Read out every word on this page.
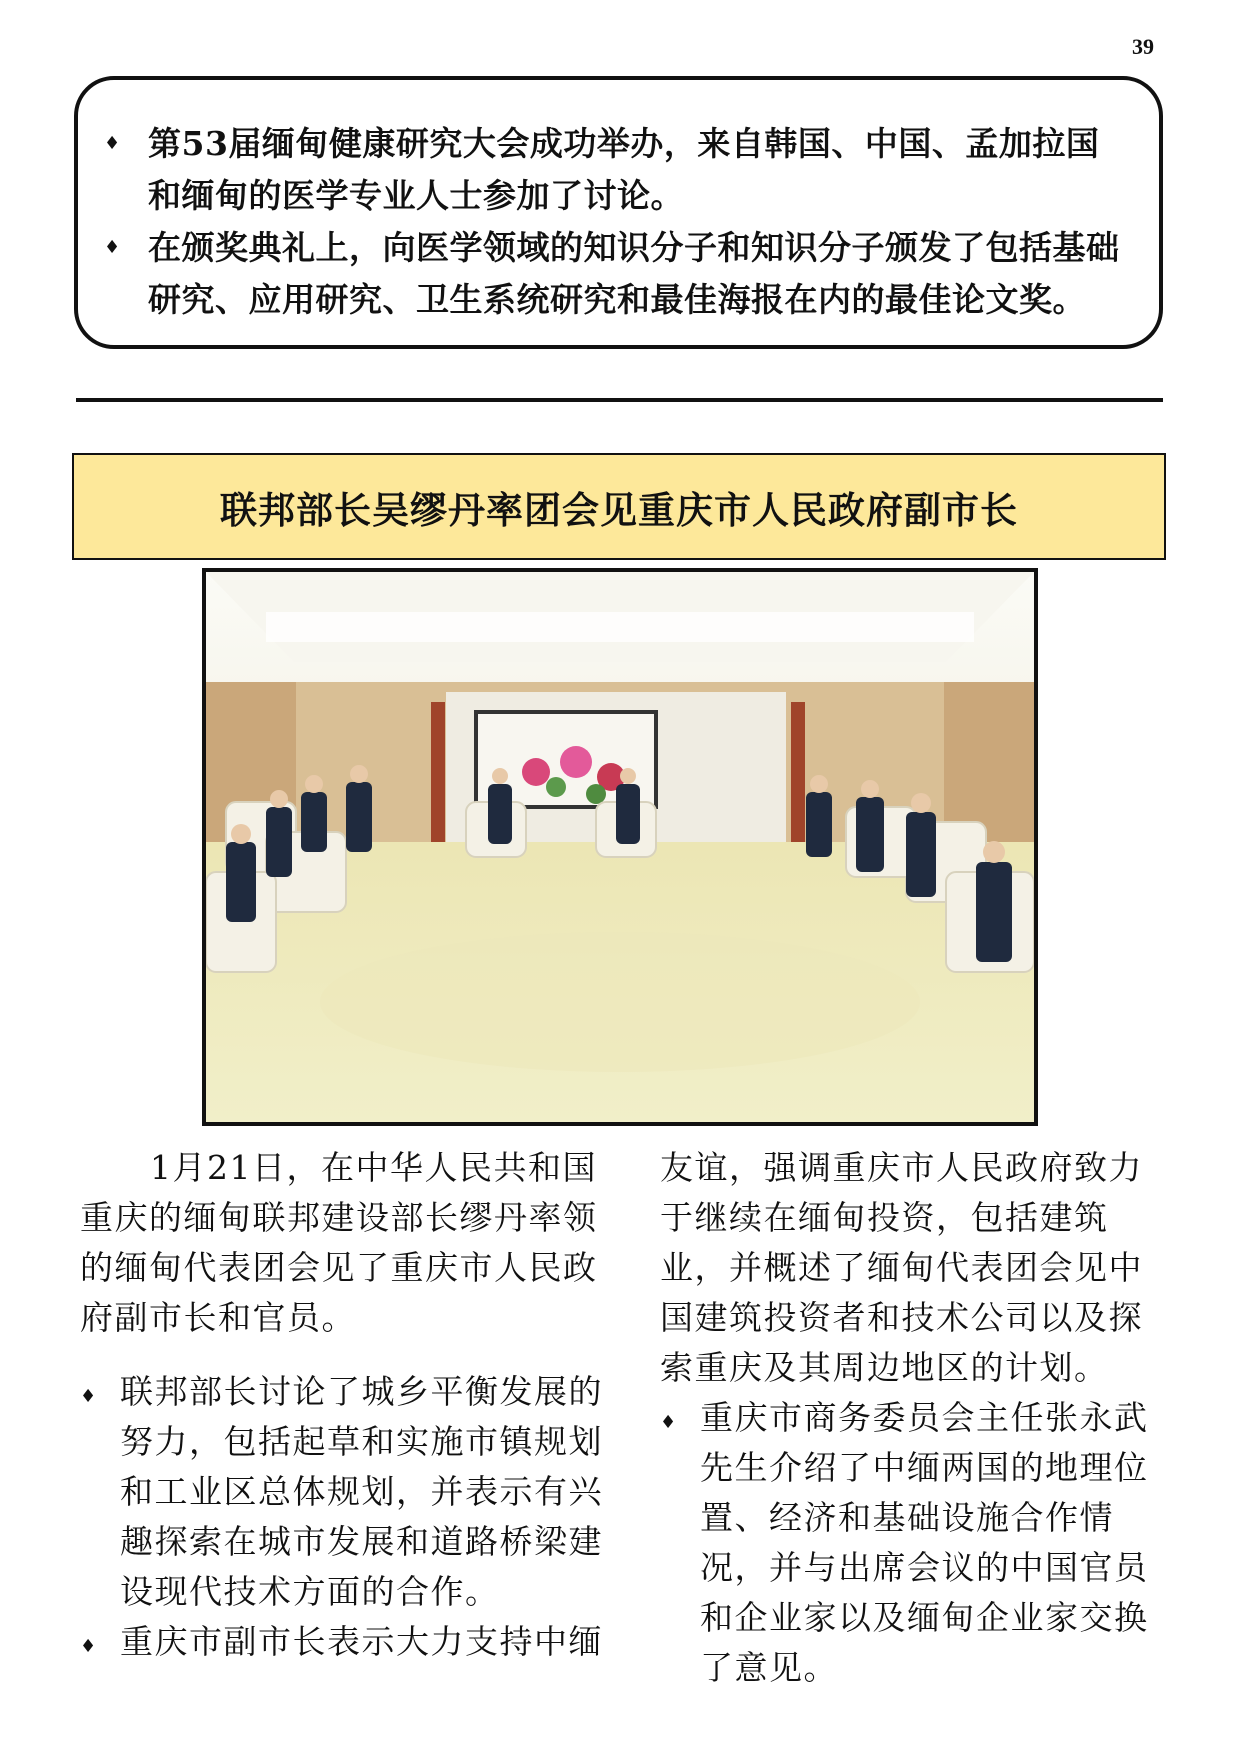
39
♦ 第53届缅甸健康研究大会成功举办，来自韩国、中国、孟加拉国和缅甸的医学专业人士参加了讨论。
♦ 在颁奖典礼上，向医学领域的知识分子和知识分子颁发了包括基础研究、应用研究、卫生系统研究和最佳海报在内的最佳论文奖。
联邦部长吴缪丹率团会见重庆市人民政府副市长

1月21日，在中华人民共和国重庆的缅甸联邦建设部长缪丹率领的缅甸代表团会见了重庆市人民政府副市长和官员。

♦ 联邦部长讨论了城乡平衡发展的努力，包括起草和实施市镇规划和工业区总体规划，并表示有兴趣探索在城市发展和道路桥梁建设现代技术方面的合作。

♦ 重庆市副市长表示大力支持中缅

友谊，强调重庆市人民政府致力于继续在缅甸投资，包括建筑业，并概述了缅甸代表团会见中国建筑投资者和技术公司以及探索重庆及其周边地区的计划。

♦ 重庆市商务委员会主任张永武先生介绍了中缅两国的地理位置、经济和基础设施合作情况，并与出席会议的中国官员和企业家以及缅甸企业家交换了意见。
